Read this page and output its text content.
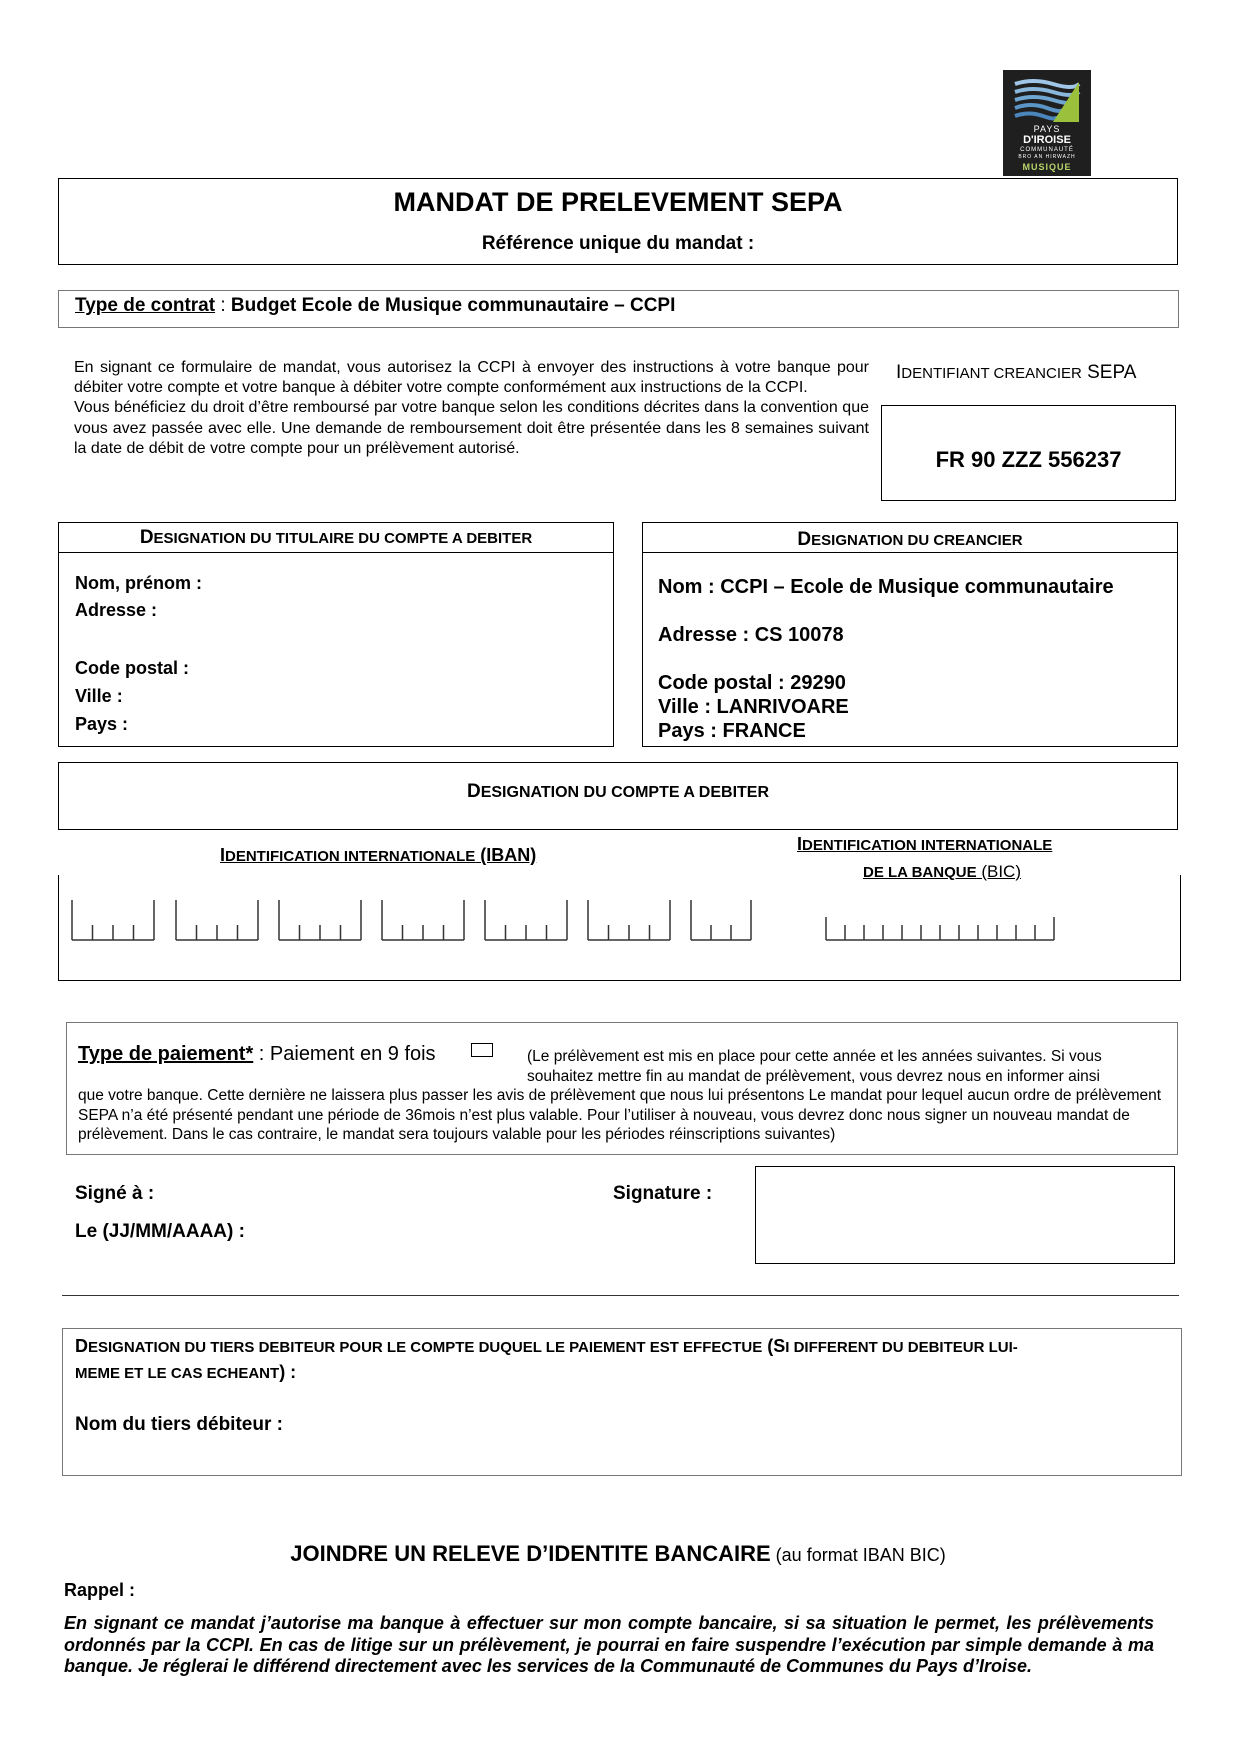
PAYS
D'IROISE
COMMUNAUTÉ
BRO AN HIRWAZH
MUSIQUE
MANDAT DE PRELEVEMENT SEPA
Référence unique du mandat :
Type de contrat : Budget Ecole de Musique communautaire – CCPI
En signant ce formulaire de mandat, vous autorisez la CCPI à envoyer des instructions à votre banque pour débiter votre compte et votre banque à débiter votre compte conformément aux instructions de la CCPI.
Vous bénéficiez du droit d’être remboursé par votre banque selon les conditions décrites dans la convention que vous avez passée avec elle. Une demande de remboursement doit être présentée dans les 8 semaines suivant la date de débit de votre compte pour un prélèvement autorisé.
IDENTIFIANT CREANCIER SEPA
FR 90 ZZZ 556237
DESIGNATION DU TITULAIRE DU COMPTE A DEBITER
Nom, prénom :
Adresse :
Code postal :
Ville :
Pays :
DESIGNATION DU CREANCIER
Nom : CCPI – Ecole de Musique communautaire
Adresse : CS 10078
Code postal : 29290
Ville : LANRIVOARE
Pays : FRANCE
DESIGNATION DU COMPTE A DEBITER
IDENTIFICATION INTERNATIONALE (IBAN)
IDENTIFICATION INTERNATIONALE
DE LA BANQUE (BIC)
Type de paiement* : Paiement en 9 fois	(Le prélèvement est mis en place pour cette année et les années suivantes. Si vous souhaitez mettre fin au mandat de prélèvement, vous devrez nous en informer ainsi
que votre banque. Cette dernière ne laissera plus passer les avis de prélèvement que nous lui présentons Le mandat pour lequel aucun ordre de prélèvement SEPA n’a été présenté pendant une période de 36mois n’est plus valable. Pour l’utiliser à nouveau, vous devrez donc nous signer un nouveau mandat de prélèvement. Dans le cas contraire, le mandat sera toujours valable pour les périodes réinscriptions suivantes)
Signé à :
Le (JJ/MM/AAAA) :
Signature :
DESIGNATION DU TIERS DEBITEUR POUR LE COMPTE DUQUEL LE PAIEMENT EST EFFECTUE (SI DIFFERENT DU DEBITEUR LUI-
MEME ET LE CAS ECHEANT) :
Nom du tiers débiteur :
JOINDRE UN RELEVE D’IDENTITE BANCAIRE (au format IBAN BIC)
Rappel :
En signant ce mandat j’autorise ma banque à effectuer sur mon compte bancaire, si sa situation le permet, les prélèvements ordonnés par la CCPI. En cas de litige sur un prélèvement, je pourrai en faire suspendre l’exécution par simple demande à ma banque. Je réglerai le différend directement avec les services de la Communauté de Communes du Pays d’Iroise.
